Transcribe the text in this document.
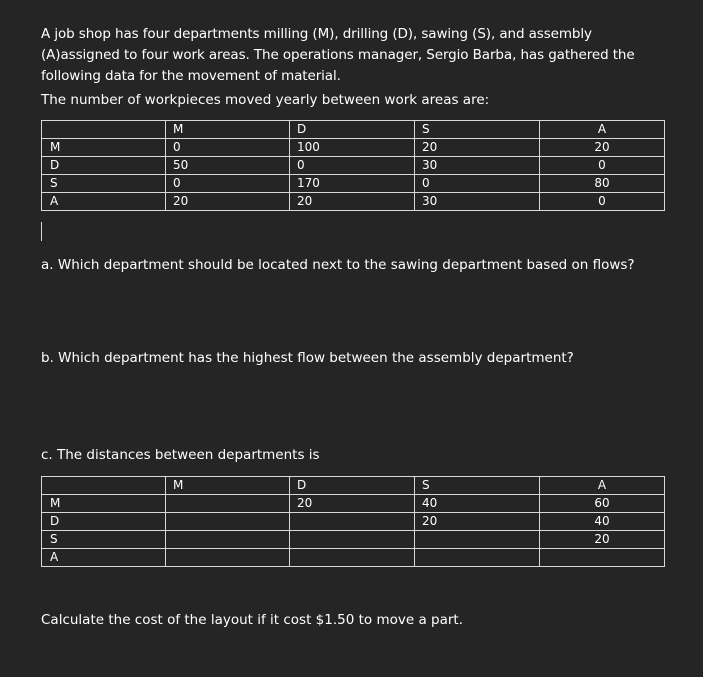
A job shop has four departments milling (M), drilling (D), sawing (S), and assembly (A)assigned to four work areas. The operations manager, Sergio Barba, has gathered the following data for the movement of material.

The number of workpieces moved yearly between work areas are:

	M	D	S	A
M	0	100	20	20
D	50	0	30	0
S	0	170	0	80
A	20	20	30	0

a. Which department should be located next to the sawing department based on flows?

b. Which department has the highest flow between the assembly department?

c. The distances between departments is

	M	D	S	A
M		20	40	60
D			20	40
S				20
A				

Calculate the cost of the layout if it cost $1.50 to move a part.
